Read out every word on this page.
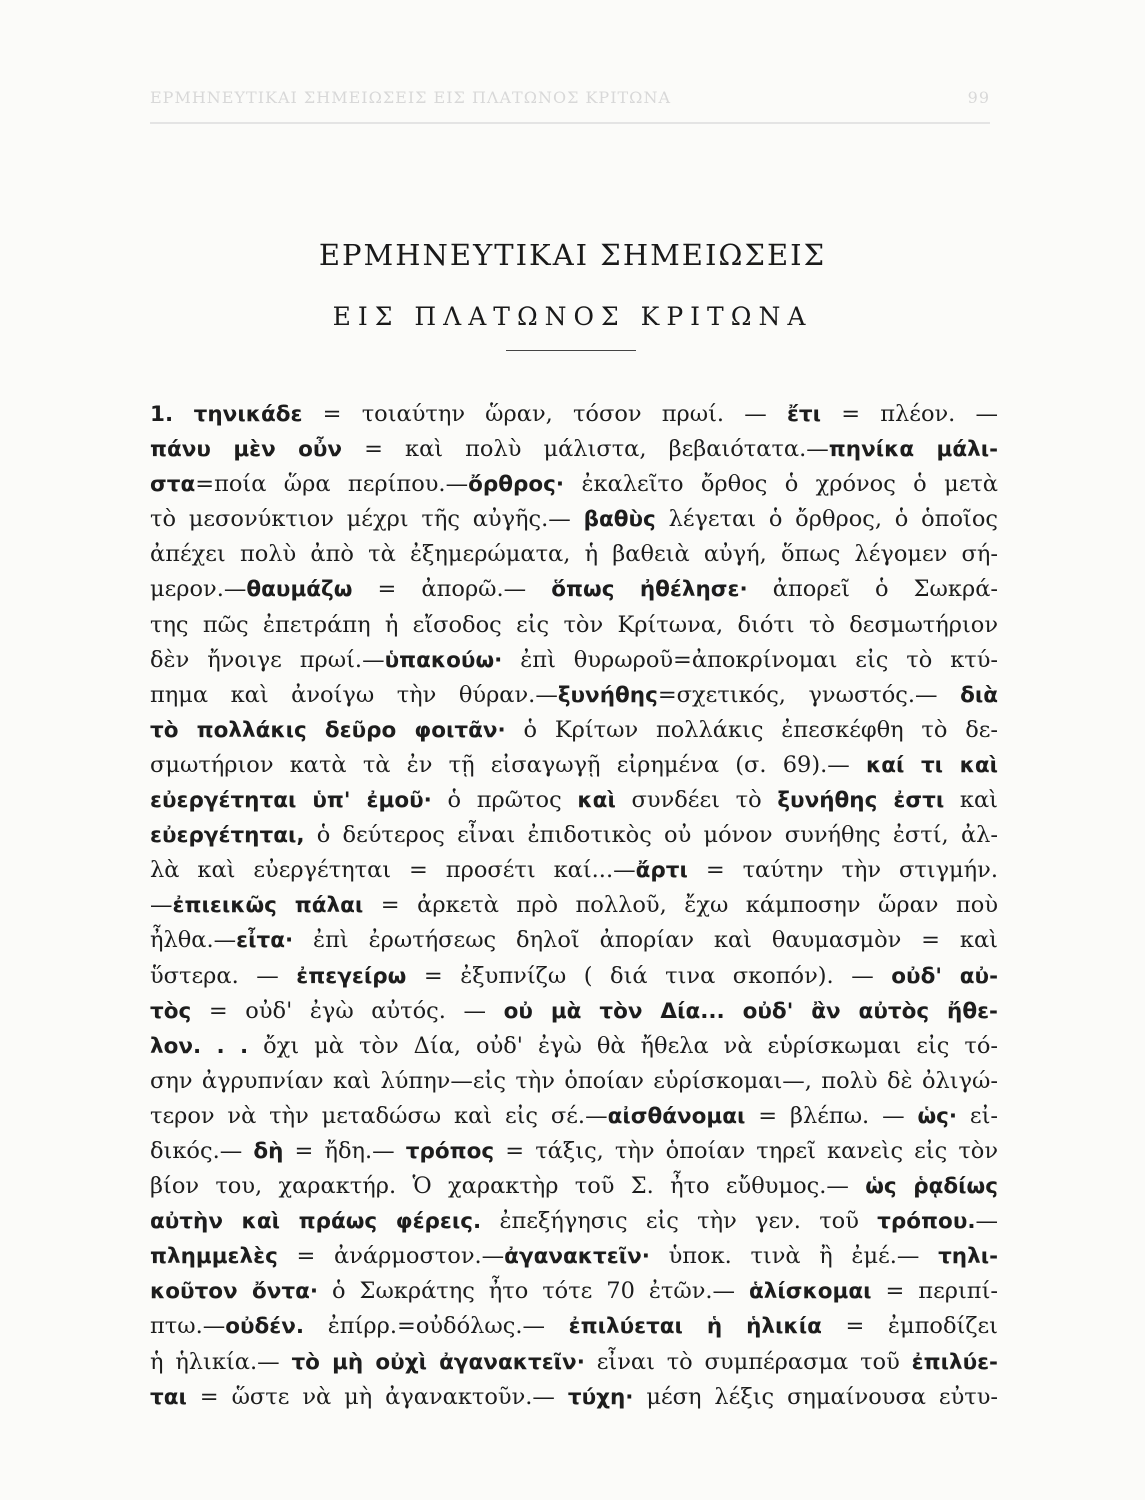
ΕΡΜΗΝΕΥΤΙΚΑΙ ΣΗΜΕΙΩΣΕΙΣ ΕΙΣ ΠΛΑΤΩΝΟΣ ΚΡΙΤΩΝΑ	99
ΕΡΜΗΝΕΥΤΙΚΑΙ ΣΗΜΕΙΩΣΕΙΣ
ΕΙΣ ΠΛΑΤΩΝΟΣ ΚΡΙΤΩΝΑ
1. τηνικάδε = τοιαύτην ὥραν, τόσον πρωί. — ἔτι = πλέον. —
πάνυ μὲν οὖν = καὶ πολὺ μάλιστα, βεβαιότατα.—πηνίκα μάλι-
στα=ποία ὥρα περίπου.—ὄρθρος· ἐκαλεῖτο ὄρθος ὁ χρόνος ὁ μετὰ
τὸ μεσονύκτιον μέχρι τῆς αὐγῆς.— βαθὺς λέγεται ὁ ὄρθρος, ὁ ὁποῖος
ἀπέχει πολὺ ἀπὸ τὰ ἐξημερώματα, ἡ βαθειὰ αὐγή, ὅπως λέγομεν σή-
μερον.—θαυμάζω = ἀπορῶ.— ὅπως ἠθέλησε· ἀπορεῖ ὁ Σωκρά-
της πῶς ἐπετράπη ἡ εἴσοδος εἰς τὸν Κρίτωνα, διότι τὸ δεσμωτήριον
δὲν ἤνοιγε πρωί.—ὑπακούω· ἐπὶ θυρωροῦ=ἀποκρίνομαι εἰς τὸ κτύ-
πημα καὶ ἀνοίγω τὴν θύραν.—ξυνήθης=σχετικός, γνωστός.— διὰ
τὸ πολλάκις δεῦρο φοιτᾶν· ὁ Κρίτων πολλάκις ἐπεσκέφθη τὸ δε-
σμωτήριον κατὰ τὰ ἐν τῇ εἰσαγωγῇ εἰρημένα (σ. 69).— καί τι καὶ
εὐεργέτηται ὑπ' ἐμοῦ· ὁ πρῶτος καὶ συνδέει τὸ ξυνήθης ἐστι καὶ
εὐεργέτηται, ὁ δεύτερος εἶναι ἐπιδοτικὸς οὐ μόνον συνήθης ἐστί, ἀλ-
λὰ καὶ εὐεργέτηται = προσέτι καί...—ἄρτι = ταύτην τὴν στιγμήν.
—ἐπιεικῶς πάλαι = ἀρκετὰ πρὸ πολλοῦ, ἔχω κάμποσην ὥραν ποὺ
ἦλθα.—εἶτα· ἐπὶ ἐρωτήσεως δηλοῖ ἀπορίαν καὶ θαυμασμὸν = καὶ
ὕστερα. — ἐπεγείρω = ἐξυπνίζω ( διά τινα σκοπόν). — οὐδ' αὐ-
τὸς = οὐδ' ἐγὼ αὐτός. — οὐ μὰ τὸν Δία... οὐδ' ἂν αὐτὸς ἤθε-
λον. . . ὄχι μὰ τὸν Δία, οὐδ' ἐγὼ θὰ ἤθελα νὰ εὑρίσκωμαι εἰς τό-
σην ἀγρυπνίαν καὶ λύπην—εἰς τὴν ὁποίαν εὑρίσκομαι—, πολὺ δὲ ὀλιγώ-
τερον νὰ τὴν μεταδώσω καὶ εἰς σέ.—αἰσθάνομαι = βλέπω. — ὡς· εἰ-
δικός.— δὴ = ἤδη.— τρόπος = τάξις, τὴν ὁποίαν τηρεῖ κανεὶς εἰς τὸν
βίον του, χαρακτήρ. Ὁ χαρακτὴρ τοῦ Σ. ἦτο εὔθυμος.— ὡς ῥᾳδίως
αὐτὴν καὶ πράως φέρεις. ἐπεξήγησις εἰς τὴν γεν. τοῦ τρόπου.—
πλημμελὲς = ἀνάρμοστον.—ἀγανακτεῖν· ὑποκ. τινὰ ἢ ἐμέ.— τηλι-
κοῦτον ὄντα· ὁ Σωκράτης ἦτο τότε 70 ἐτῶν.— ἁλίσκομαι = περιπί-
πτω.—οὐδέν. ἐπίρρ.=οὐδόλως.— ἐπιλύεται ἡ ἡλικία = ἐμποδίζει
ἡ ἡλικία.— τὸ μὴ οὐχὶ ἀγανακτεῖν· εἶναι τὸ συμπέρασμα τοῦ ἐπιλύε-
ται = ὥστε νὰ μὴ ἀγανακτοῦν.— τύχη· μέση λέξις σημαίνουσα εὐτυ-
